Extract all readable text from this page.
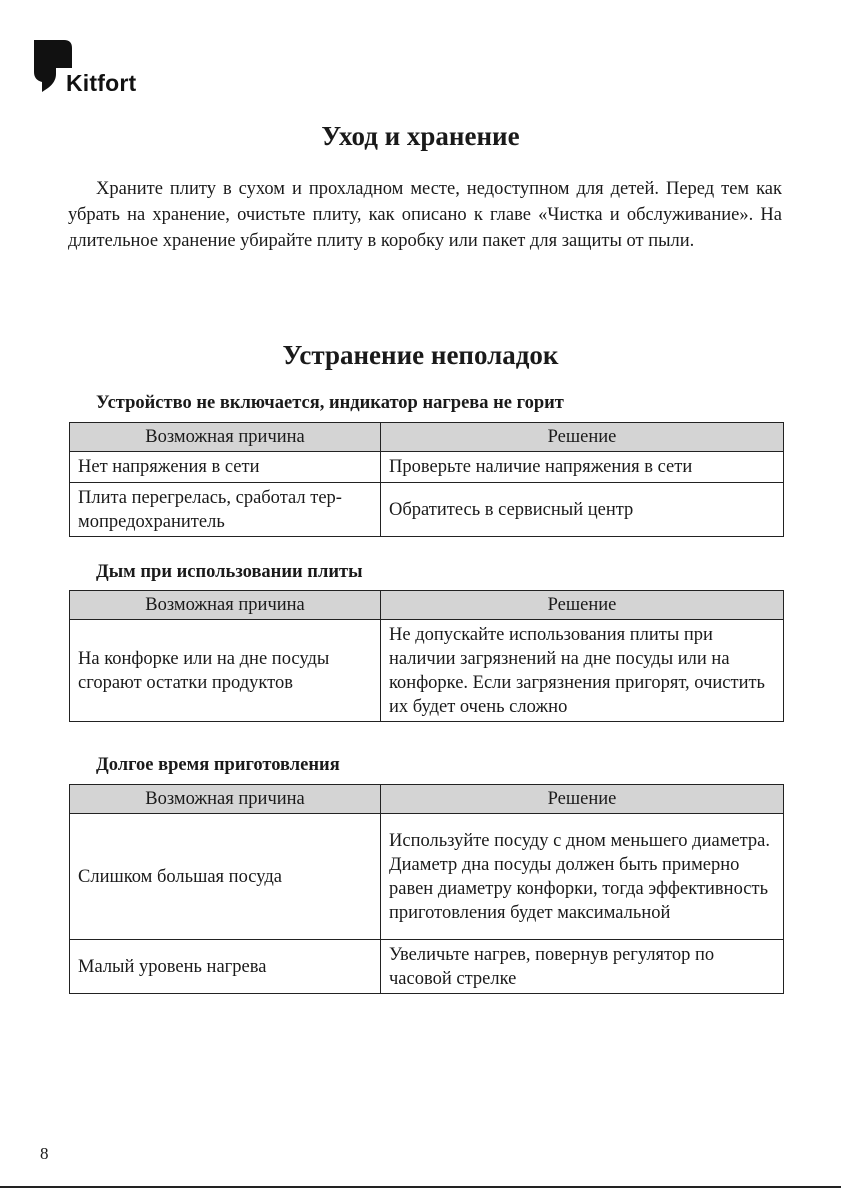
Kitfort
Уход и хранение

Храните плиту в сухом и прохладном месте, недоступном для детей. Перед тем как убрать на хранение, очистьте плиту, как описано к главе «Чистка и обслуживание». На длительное хранение убирайте плиту в коробку или пакет для защиты от пыли.

Устранение неполадок

Устройство не включается, индикатор нагрева не горит

Возможная причина	Решение
Нет напряжения в сети	Проверьте наличие напряжения в сети
Плита перегрелась, сработал термопредохранитель	Обратитесь в сервисный центр

Дым при использовании плиты

Возможная причина	Решение
На конфорке или на дне посуды сгорают остатки продуктов	Не допускайте использования плиты при наличии загрязнений на дне посуды или на конфорке. Если загрязнения пригорят, очистить их будет очень сложно

Долгое время приготовления

Возможная причина	Решение
Слишком большая посуда	Используйте посуду с дном меньшего диаметра. Диаметр дна посуды должен быть примерно равен диаметру конфорки, тогда эффективность приготовления будет максимальной
Малый уровень нагрева	Увеличьте нагрев, повернув регулятор по часовой стрелке
8
